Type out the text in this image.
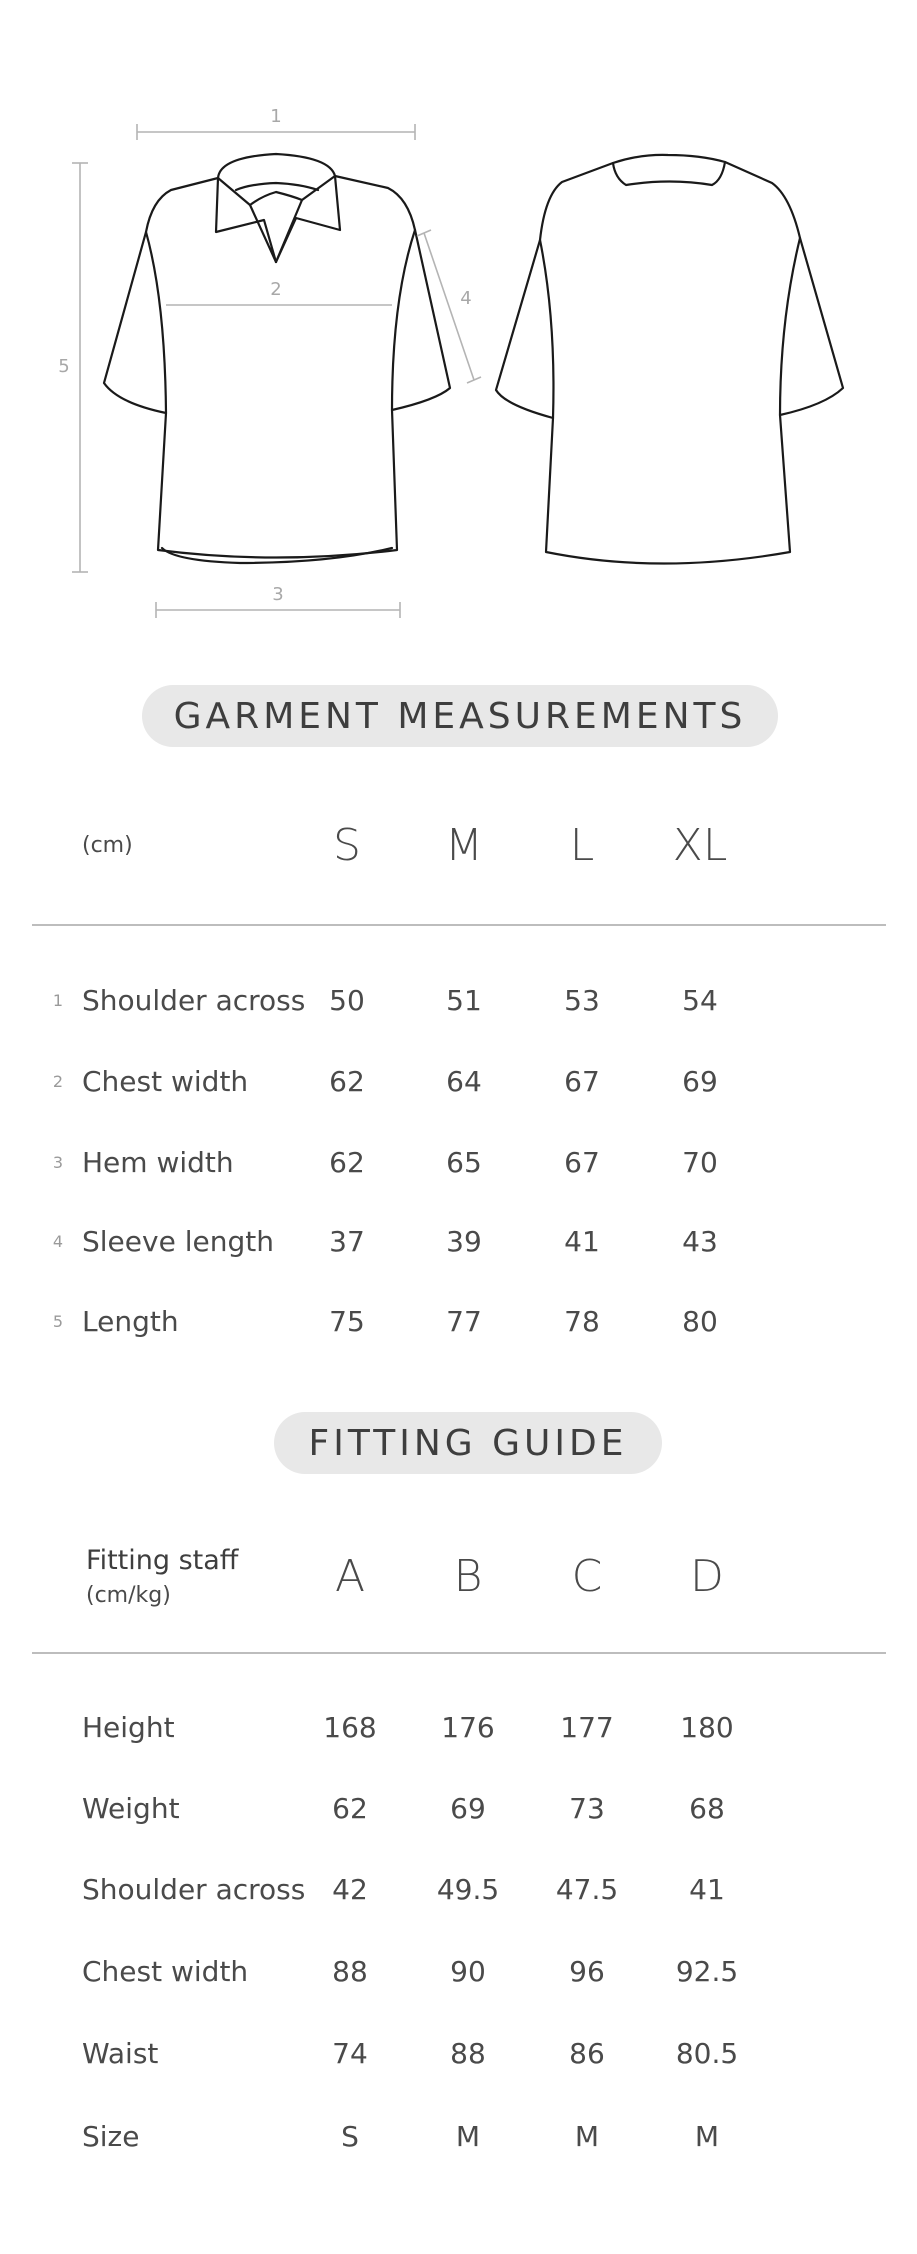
1
2
3
4
5
GARMENT MEASUREMENTS
(cm)	S	M	L	XL
1 Shoulder across 50	51	53	54
2 Chest width	62	64	67	69
3 Hem width	62	65	67	70
4 Sleeve length	37	39	41	43
5 Length	75	77	78	80
FITTING GUIDE
Fitting staff
(cm/kg)	A	B	C	D
Height	168	176	177	180
Weight	62	69	73	68
Shoulder across 42	49.5	47.5	41
Chest width	88	90	96	92.5
Waist	74	88	86	80.5
Size	S	M	M	M
